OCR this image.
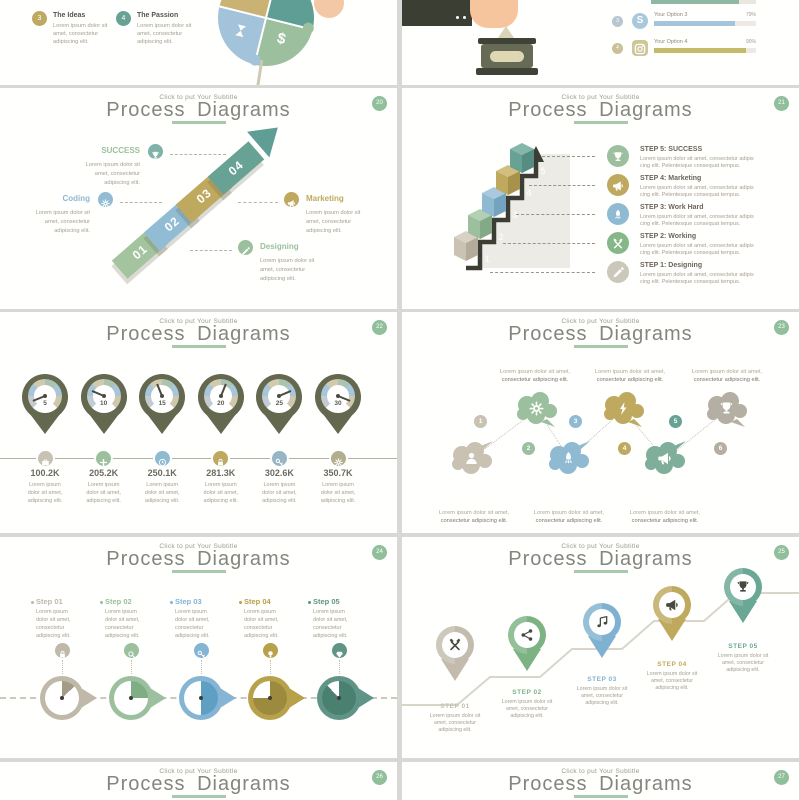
3	The Ideas
Lorem ipsum dolor sit
amet, consectetur
adipiscing elit.
4	The Passion
Lorem ipsum dolor sit
amet, consectetur
adipiscing elit.	$
3	S	Your Option 3	79%
4
Your Option 4	90%
Click to put Your Subtitle
Process Diagrams	20
01
02
03
04
SUCCESS
Lorem ipsum dolor sit
amet, consectetur
adipiscing elit.
Coding
Lorem ipsum dolor sit
amet, consectetur
adipiscing elit.
Marketing
Lorem ipsum dolor sit
amet, consectetur
adipiscing elit.
Designing
Lorem ipsum dolor sit
amet, consectetur
adipiscing elit.
Click to put Your Subtitle
Process Diagrams	21
1
2
3
4
5
STEP 5: SUCCESS
Lorem ipsum dolor sit amet, consectetur adipis
cing elit. Pelentesque consequat tempus.
STEP 4: Marketing
Lorem ipsum dolor sit amet, consectetur adipis
cing elit. Pelentesque consequat tempus.
STEP 3: Work Hard
Lorem ipsum dolor sit amet, consectetur adipis
cing elit. Pelentesque consequat tempus.
STEP 2: Working
Lorem ipsum dolor sit amet, consectetur adipis
cing elit. Pelentesque consequat tempus.
STEP 1: Designing
Lorem ipsum dolor sit amet, consectetur adipis
cing elit. Pelentesque consequat tempus.
Click to put Your Subtitle
Process Diagrams	22
5
100.2K
Lorem ipsum
dolor sit amet,
adipiscing elit.
10
205.2K
Lorem ipsum
dolor sit amet,
adipiscing elit.
15
250.1K
Lorem ipsum
dolor sit amet,
adipiscing elit.
20
281.3K
Lorem ipsum
dolor sit amet,
adipiscing elit.
25
302.6K
Lorem ipsum
dolor sit amet,
adipiscing elit.
30
350.7K
Lorem ipsum
dolor sit amet,
adipiscing elit.
Click to put Your Subtitle
Process Diagrams	23
1
2
3
4
5
6
Lorem ipsum dolor sit amet,
consectetur adipiscing elit.
Lorem ipsum dolor sit amet,
consectetur adipiscing elit.
Lorem ipsum dolor sit amet,
consectetur adipiscing elit.
Lorem ipsum dolor sit amet,
consectetur adipiscing elit.
Lorem ipsum dolor sit amet,
consectetur adipiscing elit.
Lorem ipsum dolor sit amet,
consectetur adipiscing elit.
Click to put Your Subtitle
Process Diagrams	24
Step 01
Lorem ipsum
dolor sit amet,
consectetur
adipiscing elit.
Step 02
Lorem ipsum
dolor sit amet,
consectetur
adipiscing elit.
Step 03
Lorem ipsum
dolor sit amet,
consectetur
adipiscing elit.
Step 04
Lorem ipsum
dolor sit amet,
consectetur
adipiscing elit.
Step 05
Lorem ipsum
dolor sit amet,
consectetur
adipiscing elit.
Click to put Your Subtitle
Process Diagrams	25
STEP 01
Lorem ipsum dolor sit
amet, consectetur
adipiscing elit.
STEP 02
Lorem ipsum dolor sit
amet, consectetur
adipiscing elit.
STEP 03
Lorem ipsum dolor sit
amet, consectetur
adipiscing elit.
STEP 04
Lorem ipsum dolor sit
amet, consectetur
adipiscing elit.
STEP 05
Lorem ipsum dolor sit
amet, consectetur
adipiscing elit.
Click to put Your Subtitle
Process Diagrams	26
Click to put Your Subtitle
Process Diagrams	27
